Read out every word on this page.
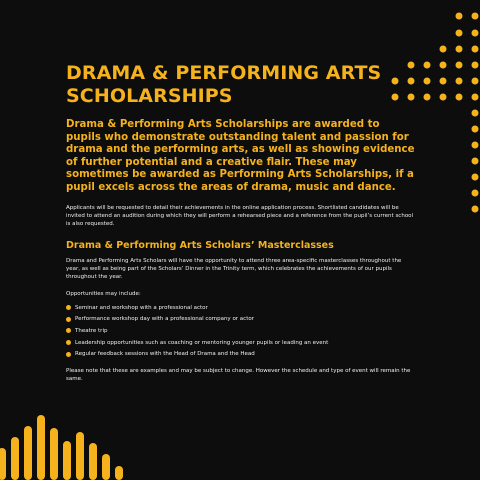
DRAMA & PERFORMING ARTS
SCHOLARSHIPS

Drama & Performing Arts Scholarships are awarded to pupils who demonstrate outstanding talent and passion for drama and the performing arts, as well as showing evidence of further potential and a creative flair. These may sometimes be awarded as Performing Arts Scholarships, if a pupil excels across the areas of drama, music and dance.

Applicants will be requested to detail their achievements in the online application process. Shortlisted candidates will be invited to attend an audition during which they will perform a rehearsed piece and a reference from the pupil’s current school is also requested.

Drama & Performing Arts Scholars’ Masterclasses

Drama and Performing Arts Scholars will have the opportunity to attend three area-specific masterclasses throughout the year, as well as being part of the Scholars’ Dinner in the Trinity term, which celebrates the achievements of our pupils throughout the year.

Opportunities may include:

Seminar and workshop with a professional actor
Performance workshop day with a professional company or actor
Theatre trip
Leadership opportunities such as coaching or mentoring younger pupils or leading an event
Regular feedback sessions with the Head of Drama and the Head

Please note that these are examples and may be subject to change. However the schedule and type of event will remain the same.
